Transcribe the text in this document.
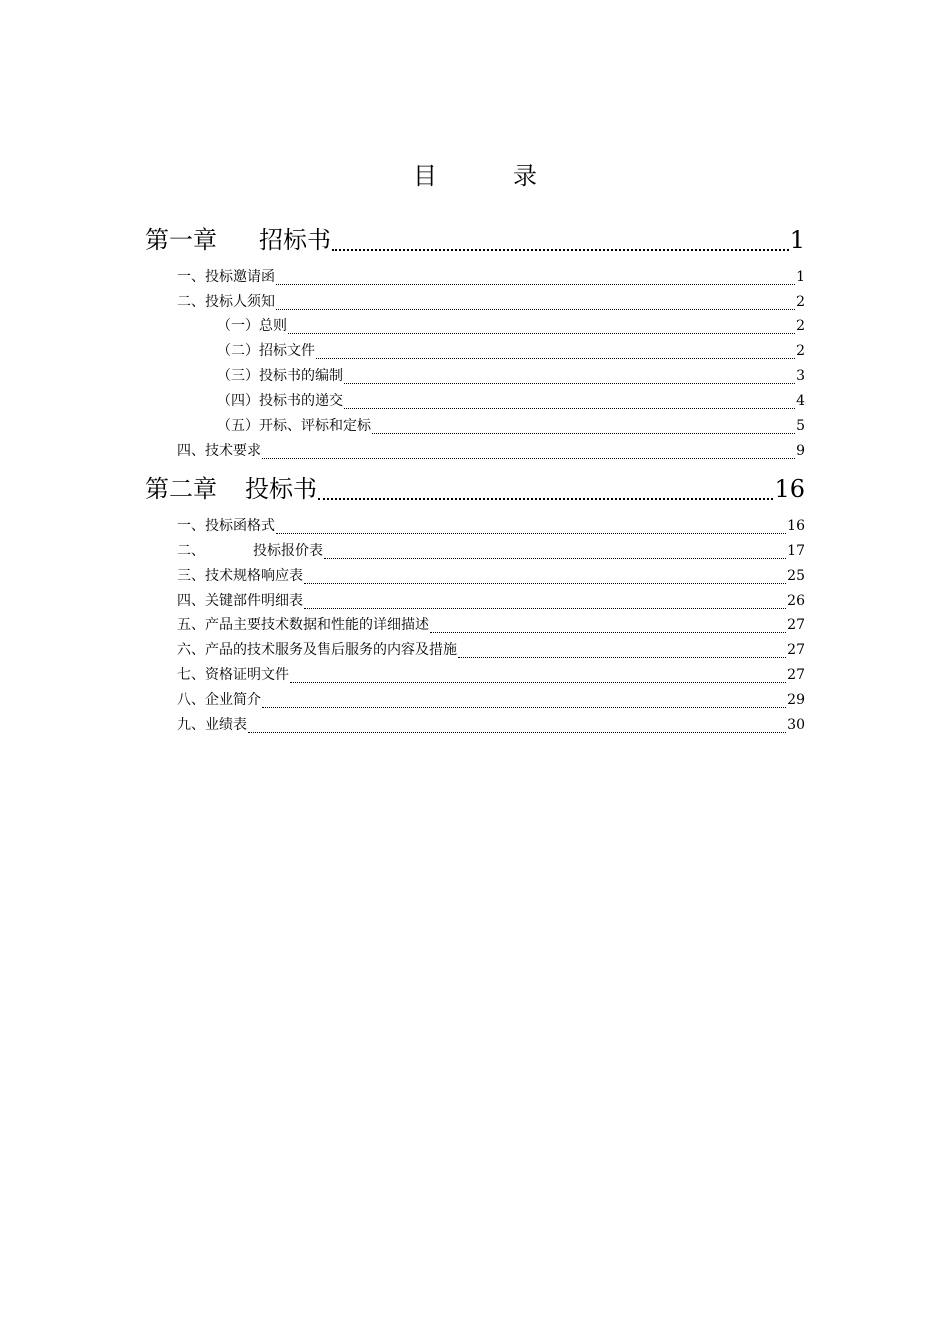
目　录
第一章 招标书	1
一、投标邀请函	1
二、投标人须知	2
（一）总则	2
（二）招标文件	2
（三）投标书的编制	3
（四）投标书的递交	4
（五）开标、评标和定标	5
四、技术要求	9
第二章 投标书	16
一、投标函格式	16
二、	投标报价表	17
三、技术规格响应表	25
四、关键部件明细表	26
五、产品主要技术数据和性能的详细描述	27
六、产品的技术服务及售后服务的内容及措施	27
七、资格证明文件	27
八、企业简介	29
九、业绩表	30
